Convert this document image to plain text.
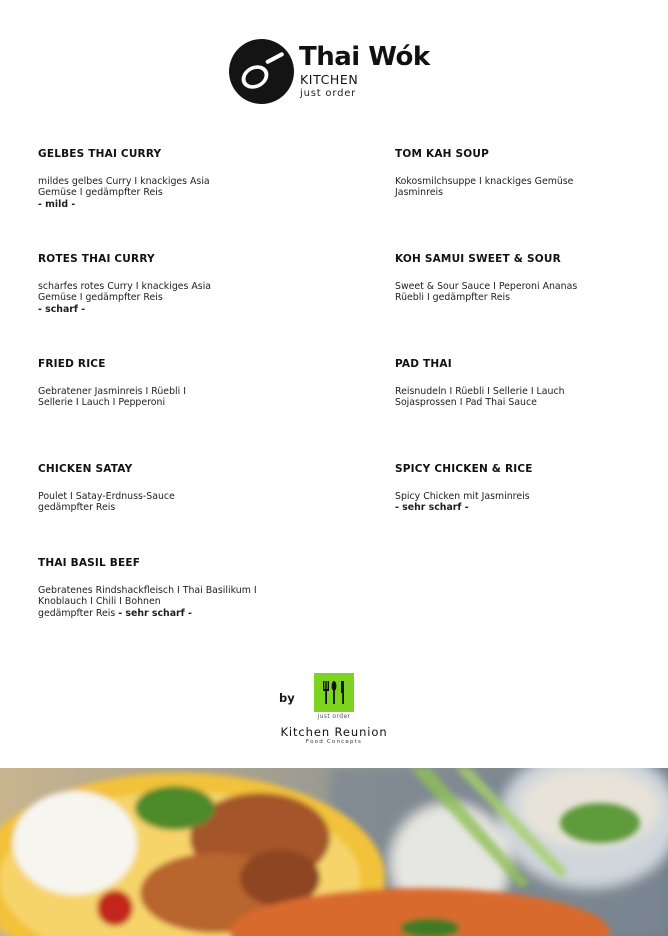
Thai Wók
KITCHEN
just order
GELBES THAI CURRY

mildes gelbes Curry I knackiges Asia
Gemüse I gedämpfter Reis
- mild -

ROTES THAI CURRY

scharfes rotes Curry I knackiges Asia
Gemüse I gedämpfter Reis
- scharf -

FRIED RICE

Gebratener Jasminreis I Rüebli I
Sellerie I Lauch I Pepperoni

CHICKEN SATAY

Poulet I Satay-Erdnuss-Sauce
gedämpfter Reis

THAI BASIL BEEF

Gebratenes Rindshackfleisch I Thai Basilikum I
Knoblauch I Chili I Bohnen
gedämpfter Reis - sehr scharf -

TOM KAH SOUP

Kokosmilchsuppe I knackiges Gemüse
Jasminreis

KOH SAMUI SWEET & SOUR

Sweet & Sour Sauce I Peperoni Ananas
Rüebli I gedämpfter Reis

PAD THAI

Reisnudeln I Rüebli I Sellerie I Lauch
Sojasprossen I Pad Thai Sauce

SPICY CHICKEN & RICE

Spicy Chicken mit Jasminreis
- sehr scharf -

by
just order
Kitchen Reunion
Food Concepts
